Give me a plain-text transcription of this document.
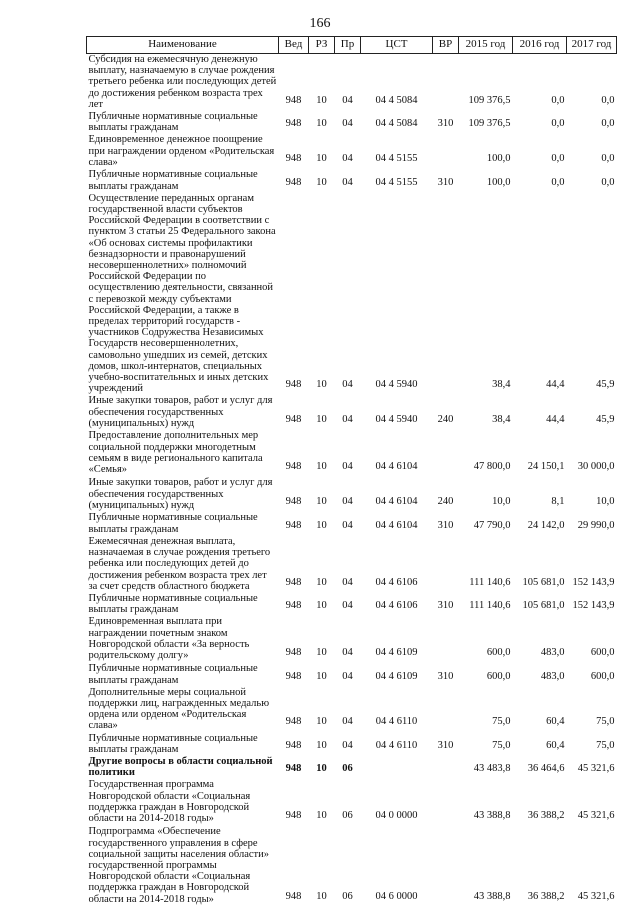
166
Наименование	Вед	РЗ	Пр	ЦСТ	ВР	2015 год	2016 год	2017 год
Субсидия на ежемесячную денежную выплату, назначаемую в случае рождения третьего ребенка или последующих детей до достижения ребенком возраста трех лет	948	10	04	04 4 5084		109 376,5	0,0	0,0
Публичные нормативные социальные выплаты гражданам	948	10	04	04 4 5084	310	109 376,5	0,0	0,0
Единовременное денежное поощрение при награждении орденом «Родительская слава»	948	10	04	04 4 5155		100,0	0,0	0,0
Публичные нормативные социальные выплаты гражданам	948	10	04	04 4 5155	310	100,0	0,0	0,0
Осуществление переданных органам государственной власти субъектов Российской Федерации в соответствии с пунктом 3 статьи 25 Федерального закона «Об основах системы профилактики безнадзорности и правонарушений несовершеннолетних» полномочий Российской Федерации по осуществлению деятельности, связанной с перевозкой между субъектами Российской Федерации, а также в пределах территорий государств - участников Содружества Независимых Государств несовершеннолетних, самовольно ушедших из семей, детских домов, школ-интернатов, специальных учебно-воспитательных и иных детских учреждений	948	10	04	04 4 5940		38,4	44,4	45,9
Иные закупки товаров, работ и услуг для обеспечения государственных (муниципальных) нужд	948	10	04	04 4 5940	240	38,4	44,4	45,9
Предоставление дополнительных мер социальной поддержки многодетным семьям в виде регионального капитала «Семья»	948	10	04	04 4 6104		47 800,0	24 150,1	30 000,0
Иные закупки товаров, работ и услуг для обеспечения государственных (муниципальных) нужд	948	10	04	04 4 6104	240	10,0	8,1	10,0
Публичные нормативные социальные выплаты гражданам	948	10	04	04 4 6104	310	47 790,0	24 142,0	29 990,0
Ежемесячная денежная выплата, назначаемая в случае рождения третьего ребенка или последующих детей до достижения ребенком возраста трех лет за счет средств областного бюджета	948	10	04	04 4 6106		111 140,6	105 681,0	152 143,9
Публичные нормативные социальные выплаты гражданам	948	10	04	04 4 6106	310	111 140,6	105 681,0	152 143,9
Единовременная выплата при награждении почетным знаком Новгородской области «За верность родительскому долгу»	948	10	04	04 4 6109		600,0	483,0	600,0
Публичные нормативные социальные выплаты гражданам	948	10	04	04 4 6109	310	600,0	483,0	600,0
Дополнительные меры социальной поддержки лиц, награжденных медалью ордена или орденом «Родительская слава»	948	10	04	04 4 6110		75,0	60,4	75,0
Публичные нормативные социальные выплаты гражданам	948	10	04	04 4 6110	310	75,0	60,4	75,0
Другие вопросы в области социальной политики	948	10	06			43 483,8	36 464,6	45 321,6
Государственная программа Новгородской области «Социальная поддержка граждан в Новгородской области на 2014-2018 годы»	948	10	06	04 0 0000		43 388,8	36 388,2	45 321,6
Подпрограмма «Обеспечение государственного управления в сфере социальной защиты населения области» государственной программы Новгородской области «Социальная поддержка граждан в Новгородской области на 2014-2018 годы»	948	10	06	04 6 0000		43 388,8	36 388,2	45 321,6
